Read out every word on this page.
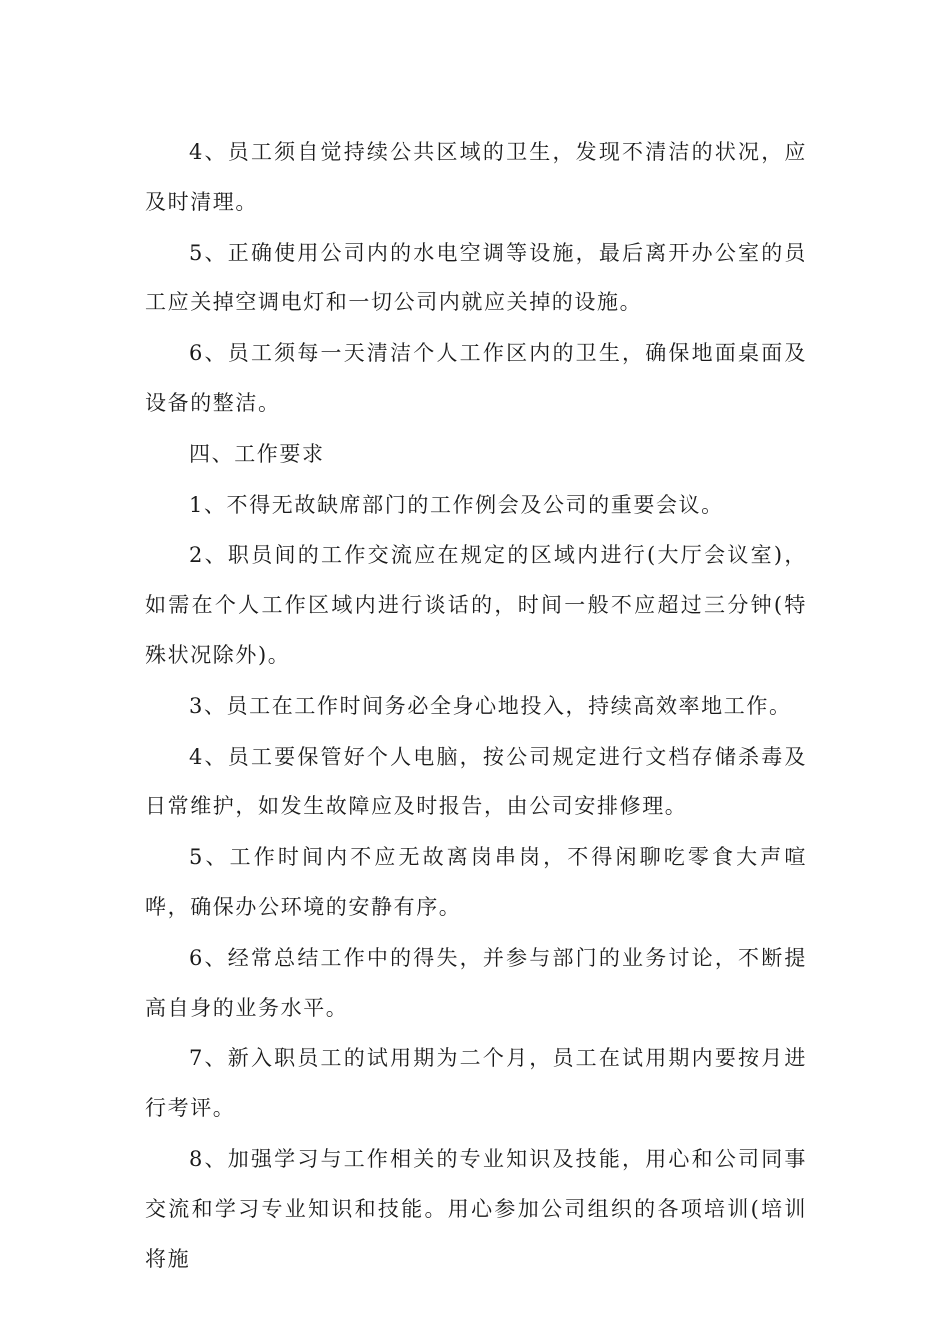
4、员工须自觉持续公共区域的卫生，发现不清洁的状况，应及时清理。

5、正确使用公司内的水电空调等设施，最后离开办公室的员工应关掉空调电灯和一切公司内就应关掉的设施。

6、员工须每一天清洁个人工作区内的卫生，确保地面桌面及设备的整洁。

四、工作要求

1、不得无故缺席部门的工作例会及公司的重要会议。

2、职员间的工作交流应在规定的区域内进行(大厅会议室)，如需在个人工作区域内进行谈话的，时间一般不应超过三分钟(特殊状况除外)。

3、员工在工作时间务必全身心地投入，持续高效率地工作。

4、员工要保管好个人电脑，按公司规定进行文档存储杀毒及日常维护，如发生故障应及时报告，由公司安排修理。

5、工作时间内不应无故离岗串岗，不得闲聊吃零食大声喧哗，确保办公环境的安静有序。

6、经常总结工作中的得失，并参与部门的业务讨论，不断提高自身的业务水平。

7、新入职员工的试用期为二个月，员工在试用期内要按月进行考评。

8、加强学习与工作相关的专业知识及技能，用心和公司同事交流和学习专业知识和技能。用心参加公司组织的各项培训(培训将施
